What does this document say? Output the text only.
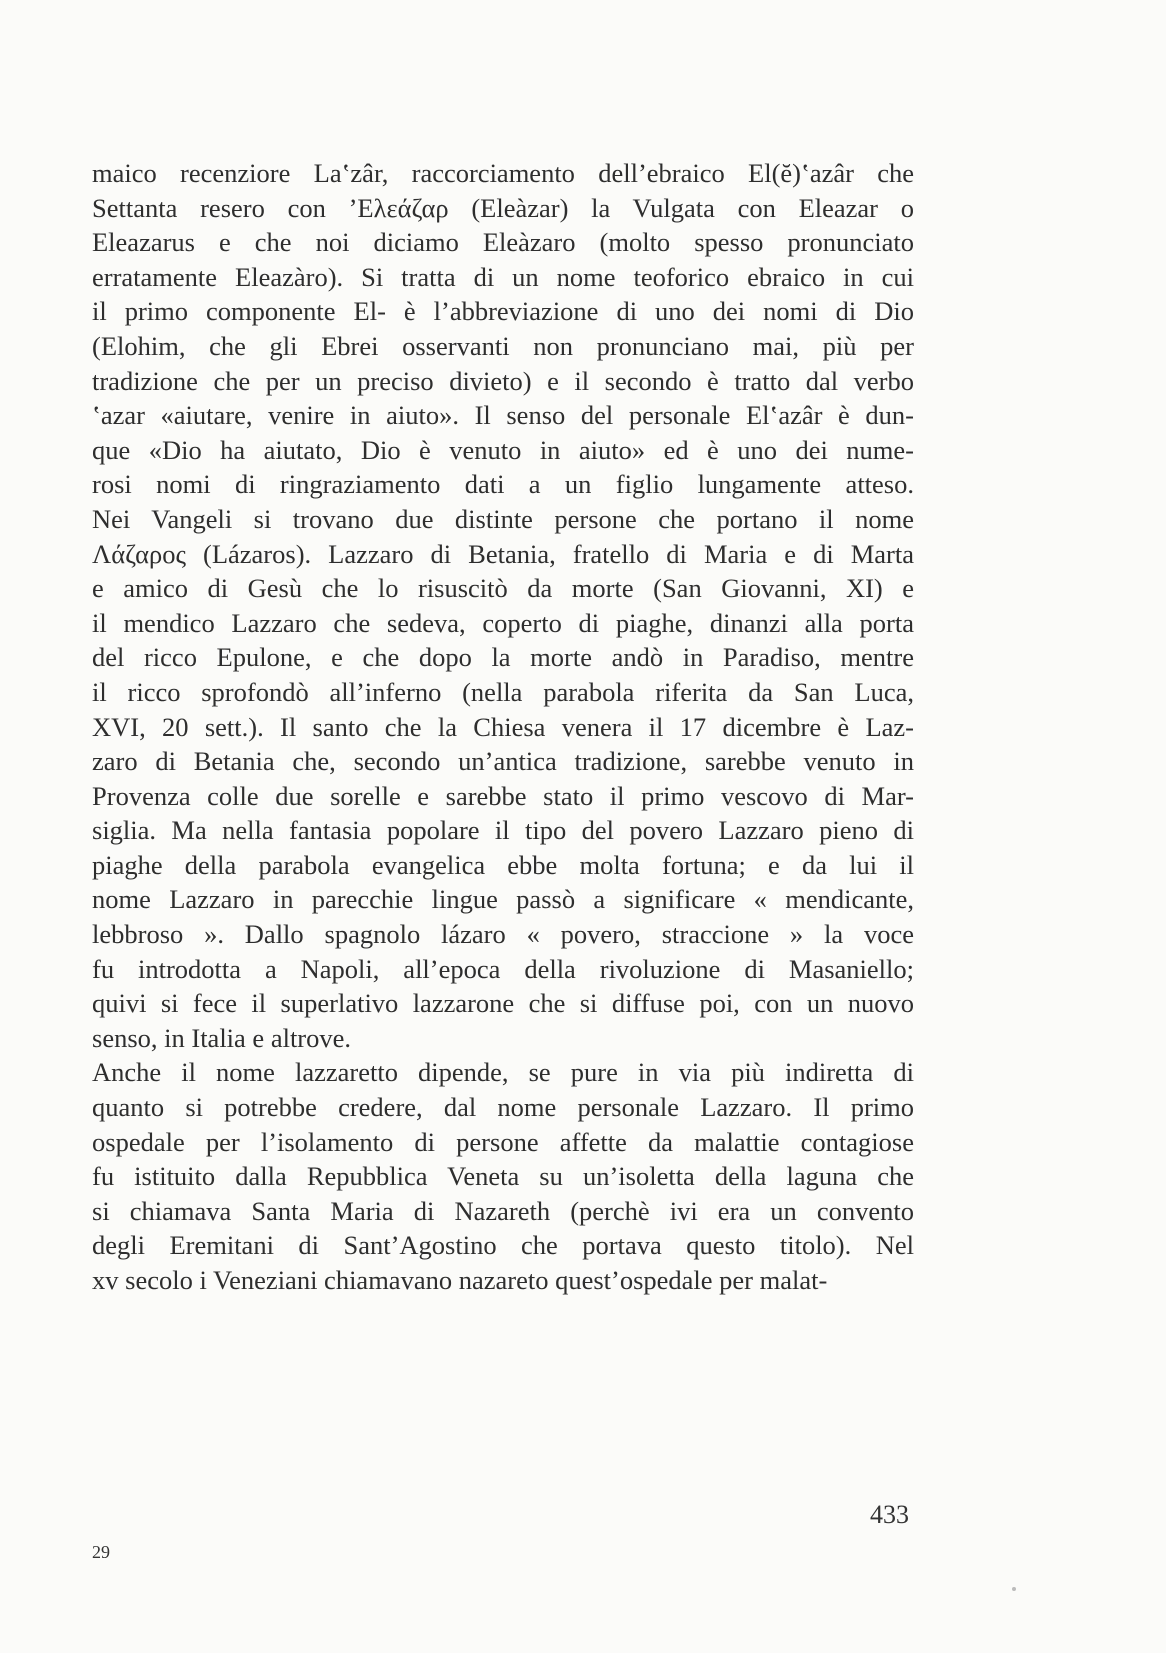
maico recenziore La‛zâr, raccorciamento dell’ebraico El(ĕ)‛azâr che
Settanta resero con ’Ελεάζαρ (Eleàzar) la Vulgata con Eleazar o
Eleazarus e che noi diciamo Eleàzaro (molto spesso pronunciato
erratamente Eleazàro). Si tratta di un nome teoforico ebraico in cui
il primo componente El- è l’abbreviazione di uno dei nomi di Dio
(Elohim, che gli Ebrei osservanti non pronunciano mai, più per
tradizione che per un preciso divieto) e il secondo è tratto dal verbo
‛azar «aiutare, venire in aiuto». Il senso del personale El‛azâr è dun-
que «Dio ha aiutato, Dio è venuto in aiuto» ed è uno dei nume-
rosi nomi di ringraziamento dati a un figlio lungamente atteso.
Nei Vangeli si trovano due distinte persone che portano il nome
Λάζαρος (Lázaros). Lazzaro di Betania, fratello di Maria e di Marta
e amico di Gesù che lo risuscitò da morte (San Giovanni, XI) e
il mendico Lazzaro che sedeva, coperto di piaghe, dinanzi alla porta
del ricco Epulone, e che dopo la morte andò in Paradiso, mentre
il ricco sprofondò all’inferno (nella parabola riferita da San Luca,
XVI, 20 sett.). Il santo che la Chiesa venera il 17 dicembre è Laz-
zaro di Betania che, secondo un’antica tradizione, sarebbe venuto in
Provenza colle due sorelle e sarebbe stato il primo vescovo di Mar-
siglia. Ma nella fantasia popolare il tipo del povero Lazzaro pieno di
piaghe della parabola evangelica ebbe molta fortuna; e da lui il
nome Lazzaro in parecchie lingue passò a significare « mendicante,
lebbroso ». Dallo spagnolo lázaro « povero, straccione » la voce
fu introdotta a Napoli, all’epoca della rivoluzione di Masaniello;
quivi si fece il superlativo lazzarone che si diffuse poi, con un nuovo
senso, in Italia e altrove.
Anche il nome lazzaretto dipende, se pure in via più indiretta di
quanto si potrebbe credere, dal nome personale Lazzaro. Il primo
ospedale per l’isolamento di persone affette da malattie contagiose
fu istituito dalla Repubblica Veneta su un’isoletta della laguna che
si chiamava Santa Maria di Nazareth (perchè ivi era un convento
degli Eremitani di Sant’Agostino che portava questo titolo). Nel
xv secolo i Veneziani chiamavano nazareto quest’ospedale per malat-
433
29
